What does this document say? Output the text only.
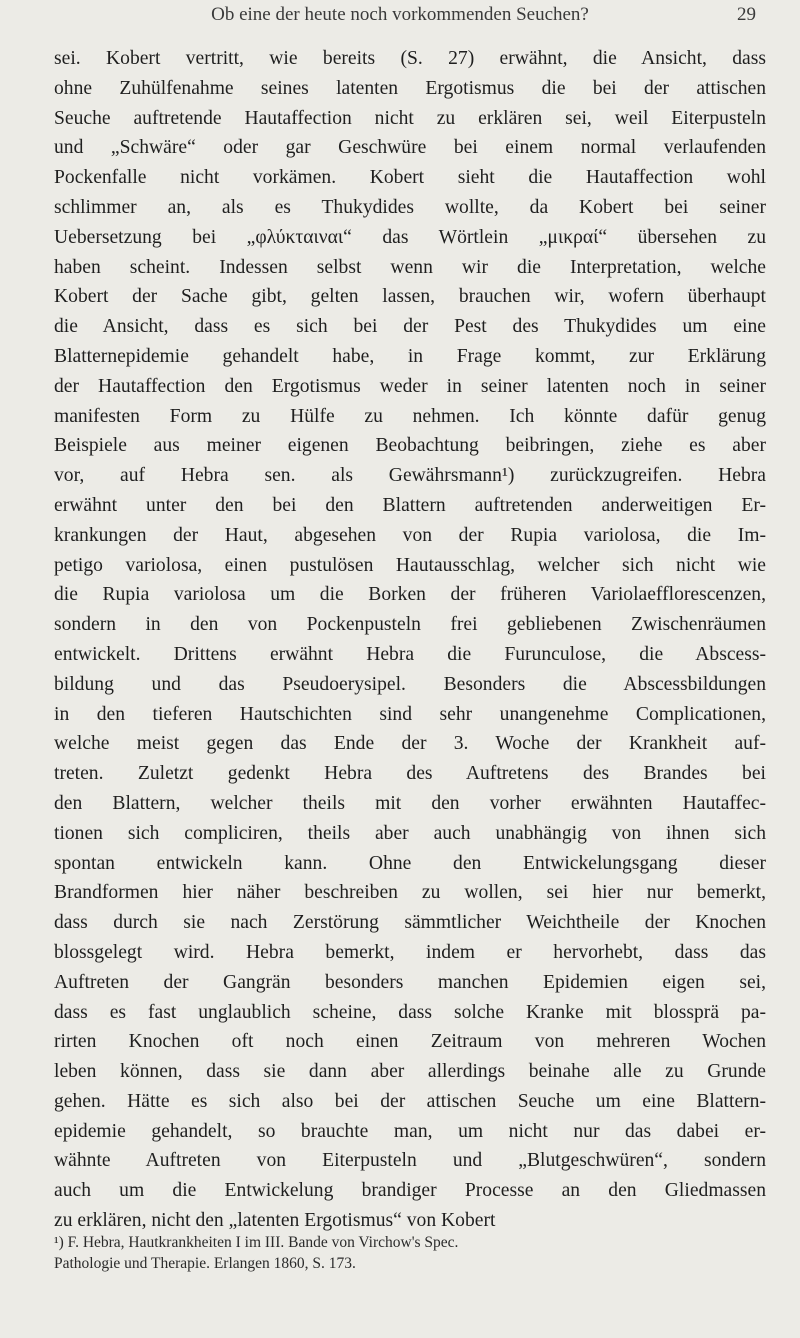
Ob eine der heute noch vorkommenden Seuchen?	29
sei. Kobert vertritt, wie bereits (S. 27) erwähnt, die Ansicht, dass
ohne Zuhülfenahme seines latenten Ergotismus die bei der attischen
Seuche auftretende Hautaffection nicht zu erklären sei, weil Eiterpusteln
und „Schwäre“ oder gar Geschwüre bei einem normal verlaufenden
Pockenfalle nicht vorkämen. Kobert sieht die Hautaffection wohl
schlimmer an, als es Thukydides wollte, da Kobert bei seiner
Uebersetzung bei „φλύκταιναι“ das Wörtlein „μικραί“ übersehen zu
haben scheint. Indessen selbst wenn wir die Interpretation, welche
Kobert der Sache gibt, gelten lassen, brauchen wir, wofern überhaupt
die Ansicht, dass es sich bei der Pest des Thukydides um eine
Blatternepidemie gehandelt habe, in Frage kommt, zur Erklärung
der Hautaffection den Ergotismus weder in seiner latenten noch in seiner
manifesten Form zu Hülfe zu nehmen. Ich könnte dafür genug
Beispiele aus meiner eigenen Beobachtung beibringen, ziehe es aber
vor, auf Hebra sen. als Gewährsmann¹) zurückzugreifen. Hebra
erwähnt unter den bei den Blattern auftretenden anderweitigen Er-
krankungen der Haut, abgesehen von der Rupia variolosa, die Im-
petigo variolosa, einen pustulösen Hautausschlag, welcher sich nicht wie
die Rupia variolosa um die Borken der früheren Variolaefflorescenzen,
sondern in den von Pockenpusteln frei gebliebenen Zwischenräumen
entwickelt. Drittens erwähnt Hebra die Furunculose, die Abscess-
bildung und das Pseudoerysipel. Besonders die Abscessbildungen
in den tieferen Hautschichten sind sehr unangenehme Complicationen,
welche meist gegen das Ende der 3. Woche der Krankheit auf-
treten. Zuletzt gedenkt Hebra des Auftretens des Brandes bei
den Blattern, welcher theils mit den vorher erwähnten Hautaffec-
tionen sich compliciren, theils aber auch unabhängig von ihnen sich
spontan entwickeln kann. Ohne den Entwickelungsgang dieser
Brandformen hier näher beschreiben zu wollen, sei hier nur bemerkt,
dass durch sie nach Zerstörung sämmtlicher Weichtheile der Knochen
blossgelegt wird. Hebra bemerkt, indem er hervorhebt, dass das
Auftreten der Gangrän besonders manchen Epidemien eigen sei,
dass es fast unglaublich scheine, dass solche Kranke mit blossprä pa-
rirten Knochen oft noch einen Zeitraum von mehreren Wochen
leben können, dass sie dann aber allerdings beinahe alle zu Grunde
gehen. Hätte es sich also bei der attischen Seuche um eine Blattern-
epidemie gehandelt, so brauchte man, um nicht nur das dabei er-
wähnte Auftreten von Eiterpusteln und „Blutgeschwüren“, sondern
auch um die Entwickelung brandiger Processe an den Gliedmassen
zu erklären, nicht den „latenten Ergotismus“ von Kobert
¹) F. Hebra, Hautkrankheiten I im III. Bande von Virchow's Spec.
Pathologie und Therapie. Erlangen 1860, S. 173.
